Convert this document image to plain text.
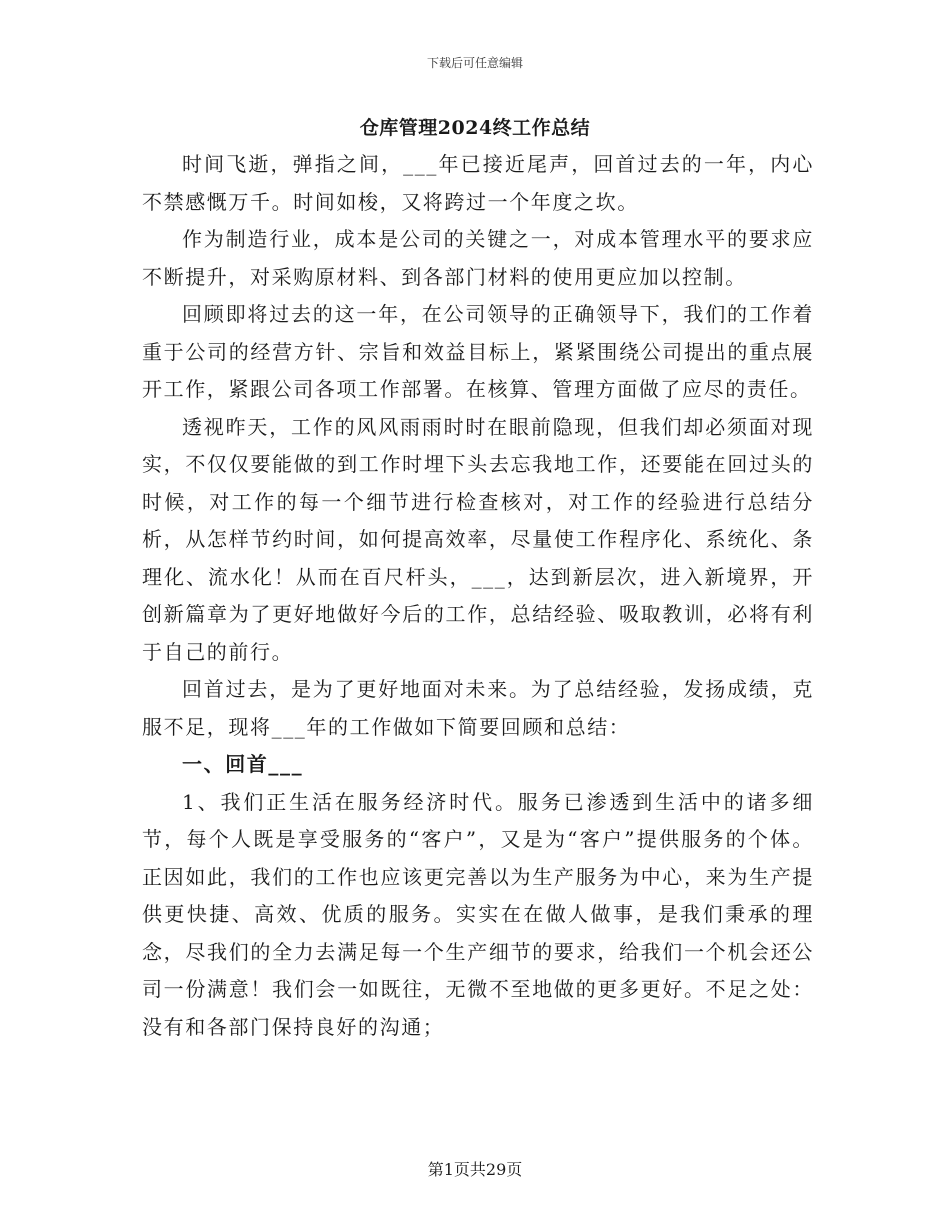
下载后可任意编辑
仓库管理2024终工作总结

时间飞逝，弹指之间，___年已接近尾声，回首过去的一年，内心不禁感慨万千。时间如梭，又将跨过一个年度之坎。

作为制造行业，成本是公司的关键之一，对成本管理水平的要求应不断提升，对采购原材料、到各部门材料的使用更应加以控制。

回顾即将过去的这一年，在公司领导的正确领导下，我们的工作着重于公司的经营方针、宗旨和效益目标上，紧紧围绕公司提出的重点展开工作，紧跟公司各项工作部署。在核算、管理方面做了应尽的责任。

透视昨天，工作的风风雨雨时时在眼前隐现，但我们却必须面对现实，不仅仅要能做的到工作时埋下头去忘我地工作，还要能在回过头的时候，对工作的每一个细节进行检查核对，对工作的经验进行总结分析，从怎样节约时间，如何提高效率，尽量使工作程序化、系统化、条理化、流水化！从而在百尺杆头，___，达到新层次，进入新境界，开创新篇章为了更好地做好今后的工作，总结经验、吸取教训，必将有利于自己的前行。

回首过去，是为了更好地面对未来。为了总结经验，发扬成绩，克服不足，现将___年的工作做如下简要回顾和总结：

一、回首___

1、我们正生活在服务经济时代。服务已渗透到生活中的诸多细节，每个人既是享受服务的“客户”，又是为“客户”提供服务的个体。正因如此，我们的工作也应该更完善以为生产服务为中心，来为生产提供更快捷、高效、优质的服务。实实在在做人做事，是我们秉承的理念，尽我们的全力去满足每一个生产细节的要求，给我们一个机会还公司一份满意！我们会一如既往，无微不至地做的更多更好。不足之处：没有和各部门保持良好的沟通；

第1页共29页
